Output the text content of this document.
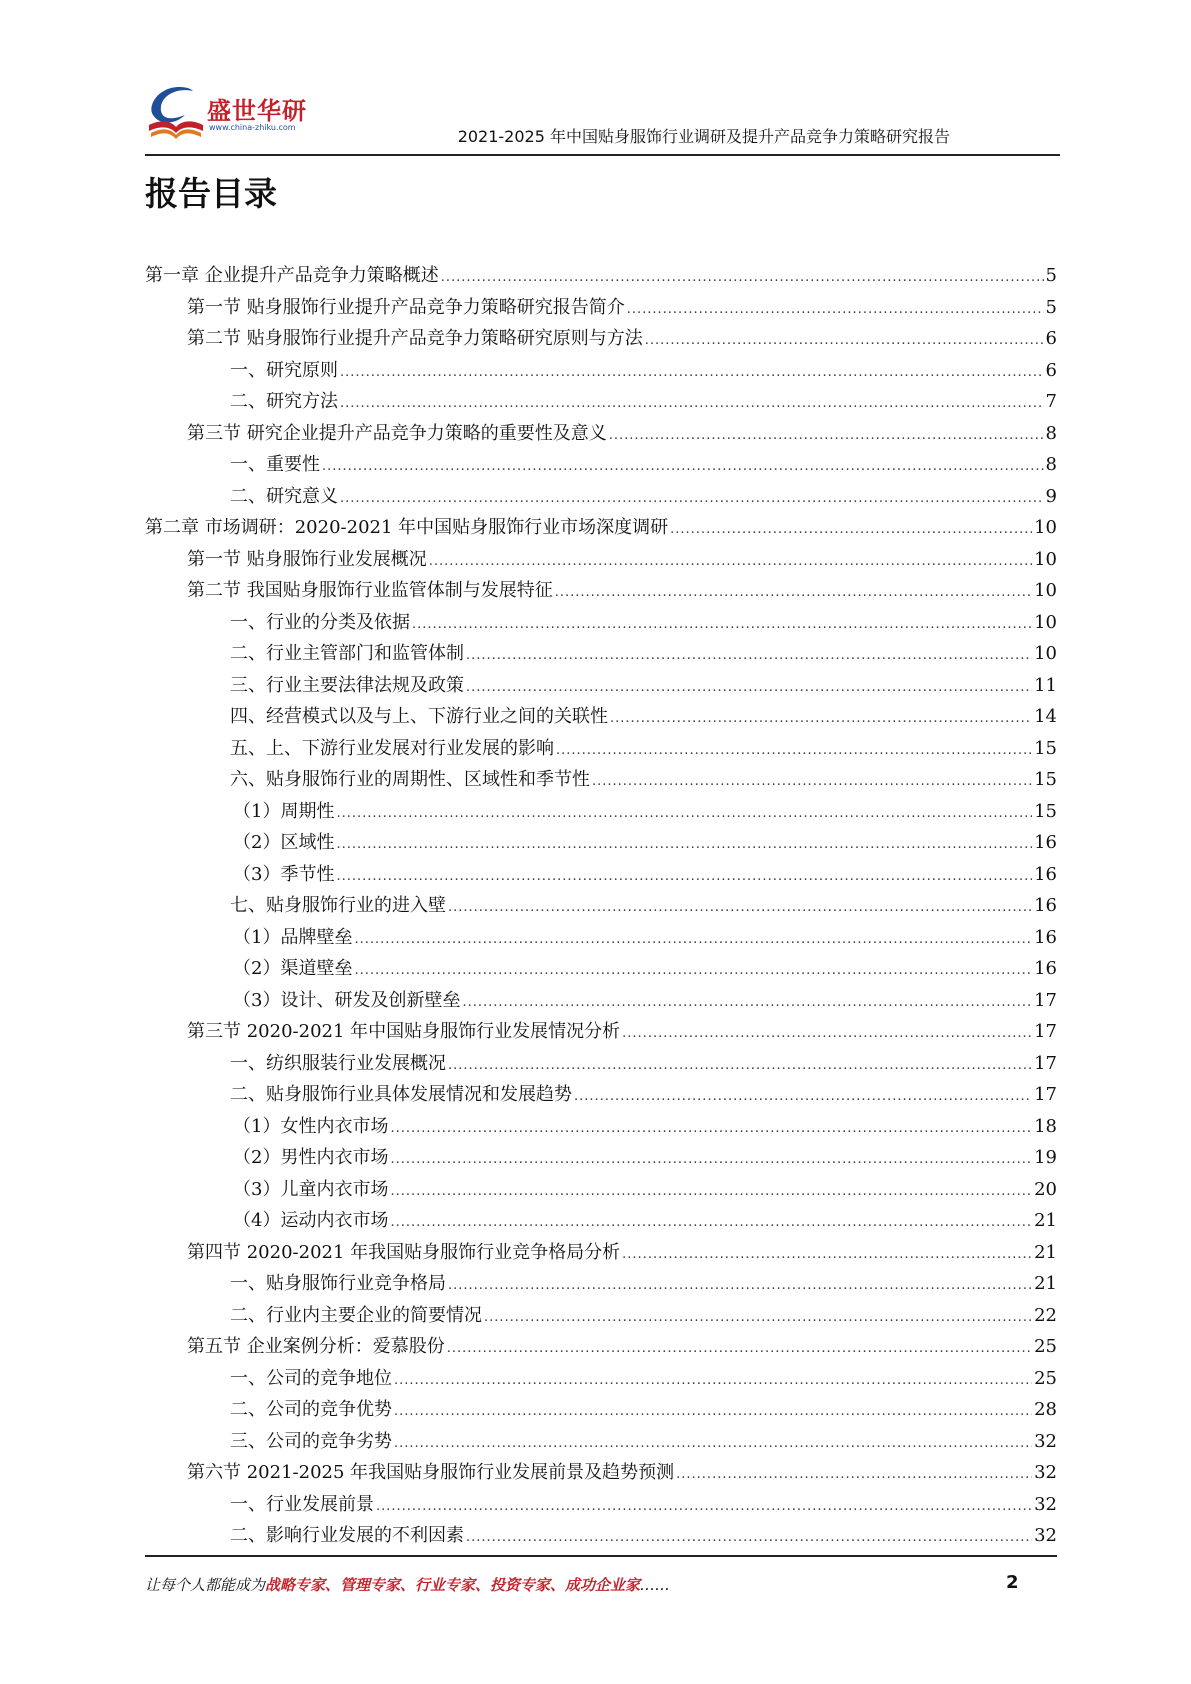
盛世华研
www.china-zhiku.com	2021-2025 年中国贴身服饰行业调研及提升产品竞争力策略研究报告
报告目录
第一章 企业提升产品竞争力策略概述 .....	5
第一节 贴身服饰行业提升产品竞争力策略研究报告简介 .....	5
第二节 贴身服饰行业提升产品竞争力策略研究原则与方法 .....	6
一、研究原则 .....	6
二、研究方法 .....	7
第三节 研究企业提升产品竞争力策略的重要性及意义 .....	8
一、重要性 .....	8
二、研究意义 .....	9
第二章 市场调研：2020-2021 年中国贴身服饰行业市场深度调研 .....	10
第一节 贴身服饰行业发展概况 .....	10
第二节 我国贴身服饰行业监管体制与发展特征 .....	10
一、行业的分类及依据 .....	10
二、行业主管部门和监管体制 .....	10
三、行业主要法律法规及政策 .....	11
四、经营模式以及与上、下游行业之间的关联性 .....	14
五、上、下游行业发展对行业发展的影响 .....	15
六、贴身服饰行业的周期性、区域性和季节性 .....	15
（1）周期性 .....	15
（2）区域性 .....	16
（3）季节性 .....	16
七、贴身服饰行业的进入壁 .....	16
（1）品牌壁垒 .....	16
（2）渠道壁垒 .....	16
（3）设计、研发及创新壁垒 .....	17
第三节 2020-2021 年中国贴身服饰行业发展情况分析 .....	17
一、纺织服装行业发展概况 .....	17
二、贴身服饰行业具体发展情况和发展趋势 .....	17
（1）女性内衣市场 .....	18
（2）男性内衣市场 .....	19
（3）儿童内衣市场 .....	20
（4）运动内衣市场 .....	21
第四节 2020-2021 年我国贴身服饰行业竞争格局分析 .....	21
一、贴身服饰行业竞争格局 .....	21
二、行业内主要企业的简要情况 .....	22
第五节 企业案例分析：爱慕股份 .....	25
一、公司的竞争地位 .....	25
二、公司的竞争优势 .....	28
三、公司的竞争劣势 .....	32
第六节 2021-2025 年我国贴身服饰行业发展前景及趋势预测 .....	32
一、行业发展前景 .....	32
二、影响行业发展的不利因素 .....	32
让每个人都能成为战略专家、管理专家、行业专家、投资专家、成功企业家……	2
